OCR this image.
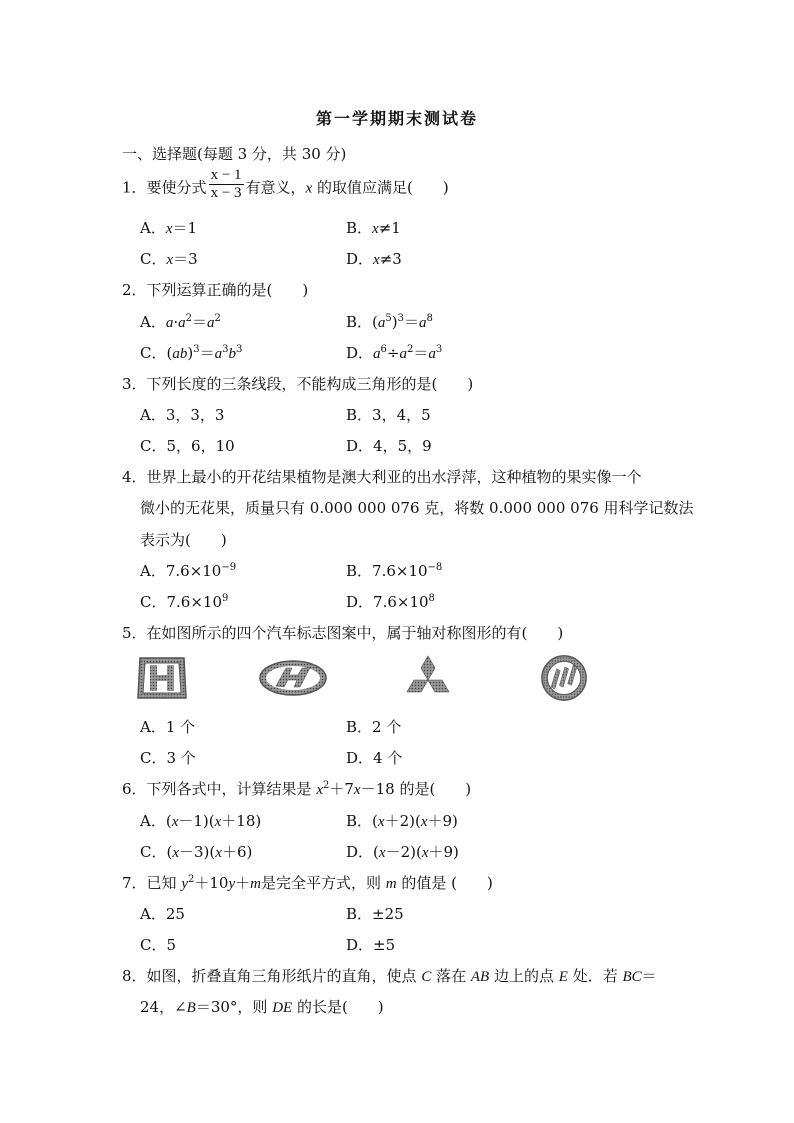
第一学期期末测试卷
一、选择题(每题 3 分，共 30 分)
1．要使分式 $\frac{x - 1}{x - 3}$ 有意义，x 的取值应满足(　　)
A．x＝1	B．x≠1
C．x＝3	D．x≠3
2．下列运算正确的是(　　)
A．$a\cdot a^2=a^2$	B．$(a^5)^3=a^8$
C．$(ab)^3=a^3b^3$	D．$a^6\div a^2=a^3$
3．下列长度的三条线段，不能构成三角形的是(　　)
A．3，3，3	B．3，4，5
C．5，6，10	D．4，5，9
4．世界上最小的开花结果植物是澳大利亚的出水浮萍，这种植物的果实像一个
微小的无花果，质量只有 0.000 000 076 克，将数 0.000 000 076 用科学记数法
表示为(　　)
A．$7.6\times 10^{-9}$	B．$7.6\times 10^{-8}$
C．$7.6\times 10^9$	D．$7.6\times 10^8$
5．在如图所示的四个汽车标志图案中，属于轴对称图形的有(　　)
A．1 个	B．2 个
C．3 个	D．4 个
6．下列各式中，计算结果是 $x^2+7x-18$ 的是(　　)
A．(x－1)(x＋18)	B．(x＋2)(x＋9)
C．(x－3)(x＋6)	D．(x－2)(x＋9)
7．已知 $y^2+10y+m$是完全平方式，则 m 的值是 (　　)
A．25	B．±25
C．5	D．±5
8．如图，折叠直角三角形纸片的直角，使点 C 落在 AB 边上的点 E 处．若 BC＝
24，∠B＝30°，则 DE 的长是(　　)
